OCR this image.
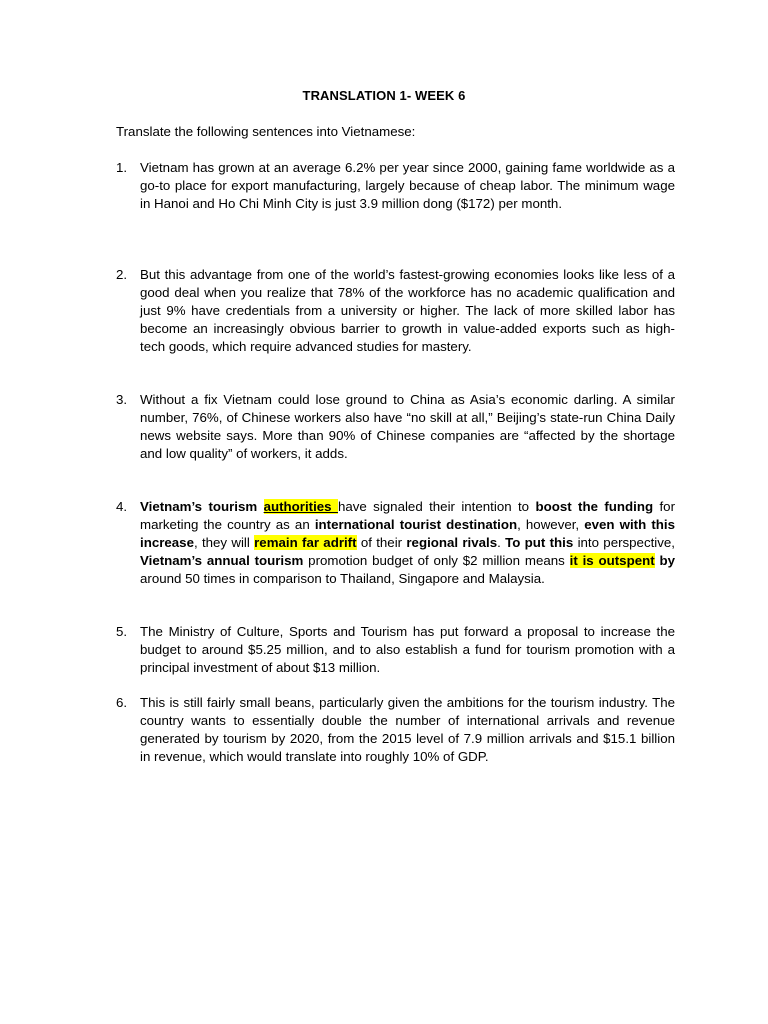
TRANSLATION 1- WEEK 6
Translate the following sentences into Vietnamese:
1. Vietnam has grown at an average 6.2% per year since 2000, gaining fame worldwide as a go-to place for export manufacturing, largely because of cheap labor. The minimum wage in Hanoi and Ho Chi Minh City is just 3.9 million dong ($172) per month.
2. But this advantage from one of the world’s fastest-growing economies looks like less of a good deal when you realize that 78% of the workforce has no academic qualification and just 9% have credentials from a university or higher. The lack of more skilled labor has become an increasingly obvious barrier to growth in value-added exports such as high-tech goods, which require advanced studies for mastery.
3. Without a fix Vietnam could lose ground to China as Asia’s economic darling. A similar number, 76%, of Chinese workers also have “no skill at all,” Beijing’s state-run China Daily news website says. More than 90% of Chinese companies are “affected by the shortage and low quality” of workers, it adds.
4. Vietnam’s tourism authorities have signaled their intention to boost the funding for marketing the country as an international tourist destination, however, even with this increase, they will remain far adrift of their regional rivals. To put this into perspective, Vietnam’s annual tourism promotion budget of only $2 million means it is outspent by around 50 times in comparison to Thailand, Singapore and Malaysia.
5. The Ministry of Culture, Sports and Tourism has put forward a proposal to increase the budget to around $5.25 million, and to also establish a fund for tourism promotion with a principal investment of about $13 million.
6. This is still fairly small beans, particularly given the ambitions for the tourism industry. The country wants to essentially double the number of international arrivals and revenue generated by tourism by 2020, from the 2015 level of 7.9 million arrivals and $15.1 billion in revenue, which would translate into roughly 10% of GDP.
